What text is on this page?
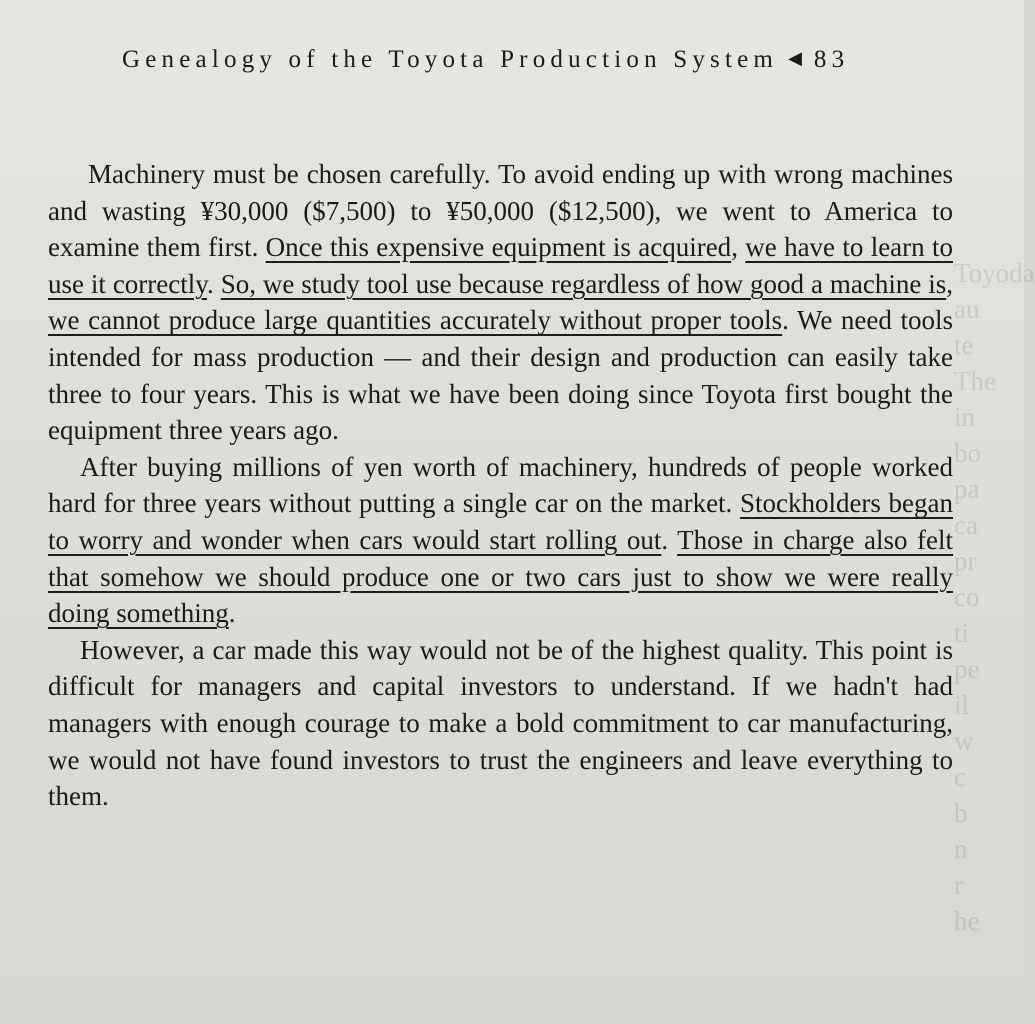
Toyoda
au
te
The
in
bo
pa
ca
pr
co
ti
pe
il
w
c
b
n
r
he
Genealogy of the Toyota Production System ◀ 83

Machinery must be chosen carefully. To avoid ending up with wrong machines and wasting ¥30,000 ($7,500) to ¥50,000 ($12,500), we went to America to examine them first. Once this expensive equipment is acquired, we have to learn to use it correctly. So, we study tool use because regardless of how good a machine is, we cannot produce large quantities accurately without proper tools. We need tools intended for mass production — and their design and production can easily take three to four years. This is what we have been doing since Toyota first bought the equipment three years ago.

After buying millions of yen worth of machinery, hundreds of people worked hard for three years without putting a single car on the market. Stockholders began to worry and wonder when cars would start rolling out. Those in charge also felt that somehow we should produce one or two cars just to show we were really doing something.

However, a car made this way would not be of the highest quality. This point is difficult for managers and capital investors to understand. If we hadn't had managers with enough courage to make a bold commitment to car manufacturing, we would not have found investors to trust the engineers and leave everything to them.
